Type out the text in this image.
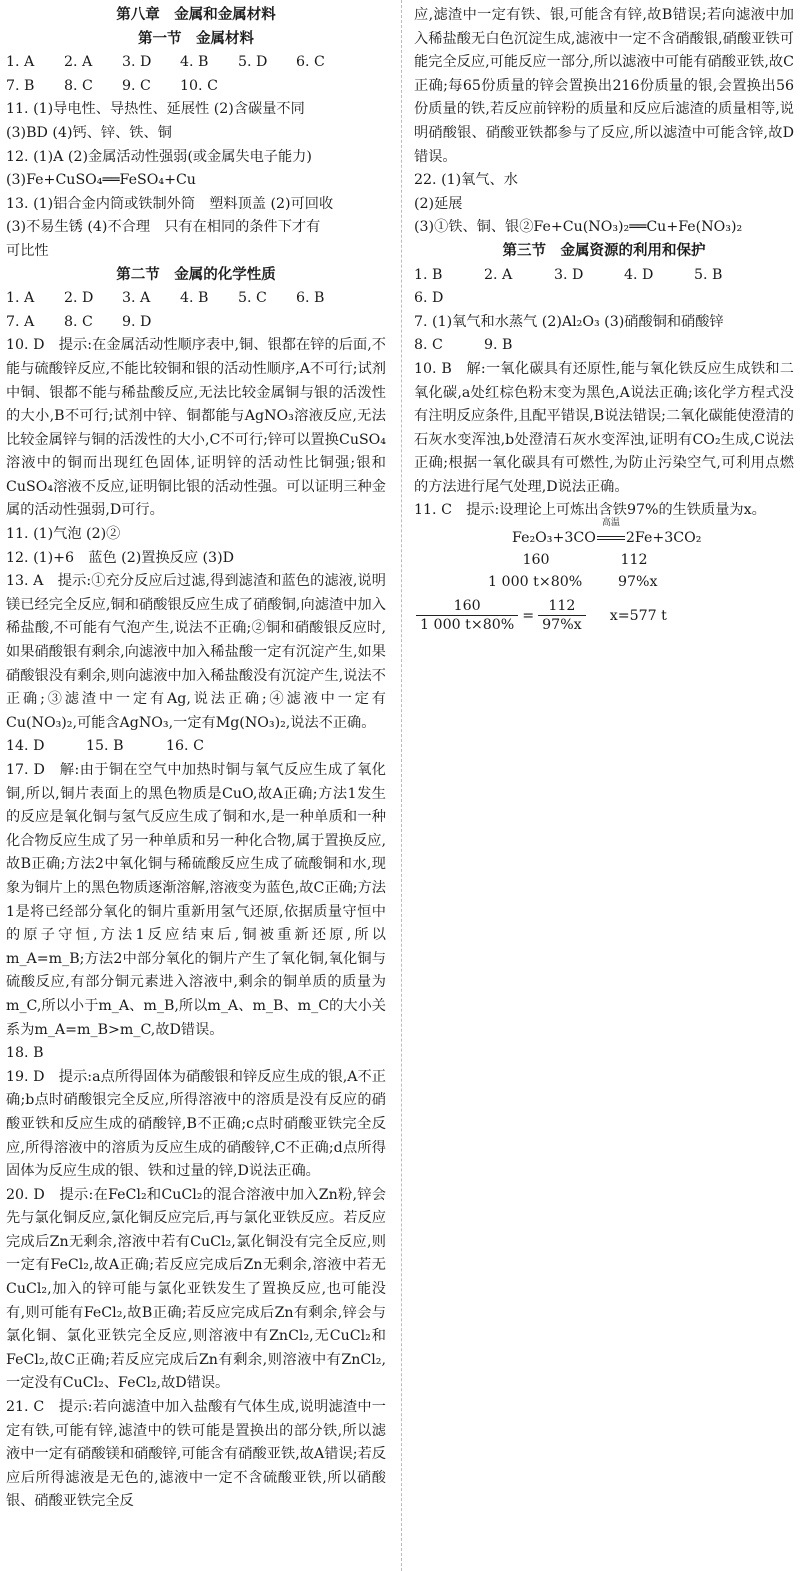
第八章　金属和金属材料
第一节　金属材料
1. A	2. A	3. D	4. B	5. D	6. C
7. B	8. C	9. C	10. C
11. (1)导电性、导热性、延展性 (2)含碳量不同
(3)BD (4)钙、锌、铁、铜
12. (1)A (2)金属活动性强弱(或金属失电子能力)
(3)Fe+CuSO₄══FeSO₄+Cu
13. (1)铝合金内筒或铁制外筒　塑料顶盖 (2)可回收
(3)不易生锈 (4)不合理　只有在相同的条件下才有
可比性
第二节　金属的化学性质
1. A	2. D	3. A	4. B	5. C	6. B
7. A	8. C	9. D
10. D　提示:在金属活动性顺序表中,铜、银都在锌的后面,不能与硫酸锌反应,不能比较铜和银的活动性顺序,A不可行;试剂中铜、银都不能与稀盐酸反应,无法比较金属铜与银的活泼性的大小,B不可行;试剂中锌、铜都能与AgNO₃溶液反应,无法比较金属锌与铜的活泼性的大小,C不可行;锌可以置换CuSO₄溶液中的铜而出现红色固体,证明锌的活动性比铜强;银和CuSO₄溶液不反应,证明铜比银的活动性强。可以证明三种金属的活动性强弱,D可行。
11. (1)气泡 (2)②
12. (1)+6　蓝色 (2)置换反应 (3)D
13. A　提示:①充分反应后过滤,得到滤渣和蓝色的滤液,说明镁已经完全反应,铜和硝酸银反应生成了硝酸铜,向滤渣中加入稀盐酸,不可能有气泡产生,说法不正确;②铜和硝酸银反应时,如果硝酸银有剩余,向滤液中加入稀盐酸一定有沉淀产生,如果硝酸银没有剩余,则向滤液中加入稀盐酸没有沉淀产生,说法不正确;③滤渣中一定有Ag,说法正确;④滤液中一定有Cu(NO₃)₂,可能含AgNO₃,一定有Mg(NO₃)₂,说法不正确。
14. D	15. B	16. C
17. D　解:由于铜在空气中加热时铜与氧气反应生成了氧化铜,所以,铜片表面上的黑色物质是CuO,故A正确;方法1发生的反应是氧化铜与氢气反应生成了铜和水,是一种单质和一种化合物反应生成了另一种单质和另一种化合物,属于置换反应,故B正确;方法2中氧化铜与稀硫酸反应生成了硫酸铜和水,现象为铜片上的黑色物质逐渐溶解,溶液变为蓝色,故C正确;方法1是将已经部分氧化的铜片重新用氢气还原,依据质量守恒中的原子守恒,方法1反应结束后,铜被重新还原,所以m_A=m_B;方法2中部分氧化的铜片产生了氧化铜,氧化铜与硫酸反应,有部分铜元素进入溶液中,剩余的铜单质的质量为m_C,所以小于m_A、m_B,所以m_A、m_B、m_C的大小关系为m_A=m_B>m_C,故D错误。
18. B
19. D　提示:a点所得固体为硝酸银和锌反应生成的银,A不正确;b点时硝酸银完全反应,所得溶液中的溶质是没有反应的硝酸亚铁和反应生成的硝酸锌,B不正确;c点时硝酸亚铁完全反应,所得溶液中的溶质为反应生成的硝酸锌,C不正确;d点所得固体为反应生成的银、铁和过量的锌,D说法正确。
20. D　提示:在FeCl₂和CuCl₂的混合溶液中加入Zn粉,锌会先与氯化铜反应,氯化铜反应完后,再与氯化亚铁反应。若反应完成后Zn无剩余,溶液中若有CuCl₂,氯化铜没有完全反应,则一定有FeCl₂,故A正确;若反应完成后Zn无剩余,溶液中若无CuCl₂,加入的锌可能与氯化亚铁发生了置换反应,也可能没有,则可能有FeCl₂,故B正确;若反应完成后Zn有剩余,锌会与氯化铜、氯化亚铁完全反应,则溶液中有ZnCl₂,无CuCl₂和FeCl₂,故C正确;若反应完成后Zn有剩余,则溶液中有ZnCl₂,一定没有CuCl₂、FeCl₂,故D错误。
21. C　提示:若向滤渣中加入盐酸有气体生成,说明滤渣中一定有铁,可能有锌,滤渣中的铁可能是置换出的部分铁,所以滤液中一定有硝酸镁和硝酸锌,可能含有硝酸亚铁,故A错误;若反应后所得滤液是无色的,滤液中一定不含硫酸亚铁,所以硝酸银、硝酸亚铁完全反
应,滤渣中一定有铁、银,可能含有锌,故B错误;若向滤液中加入稀盐酸无白色沉淀生成,滤液中一定不含硝酸银,硝酸亚铁可能完全反应,可能反应一部分,所以滤液中可能有硝酸亚铁,故C正确;每65份质量的锌会置换出216份质量的银,会置换出56份质量的铁,若反应前锌粉的质量和反应后滤渣的质量相等,说明硝酸银、硝酸亚铁都参与了反应,所以滤渣中可能含锌,故D错误。
22. (1)氧气、水
(2)延展
(3)①铁、铜、银②Fe+Cu(NO₃)₂══Cu+Fe(NO₃)₂
第三节　金属资源的利用和保护
1. B	2. A	3. D	4. D	5. B
6. D
7. (1)氧气和水蒸气 (2)Al₂O₃ (3)硝酸铜和硝酸锌
8. C	9. B
10. B　解:一氧化碳具有还原性,能与氧化铁反应生成铁和二氧化碳,a处红棕色粉末变为黑色,A说法正确;该化学方程式没有注明反应条件,且配平错误,B说法错误;二氧化碳能使澄清的石灰水变浑浊,b处澄清石灰水变浑浊,证明有CO₂生成,C说法正确;根据一氧化碳具有可燃性,为防止污染空气,可利用点燃的方法进行尾气处理,D说法正确。
11. C　提示:设理论上可炼出含铁97%的生铁质量为x。
Fe₂O₃+3CO
高温
2Fe+3CO₂
160	112
1 000 t×80%	97%x
$\frac{160}{1 000 t\times 80\%} = \frac{112}{97\%x} x=577$ t
